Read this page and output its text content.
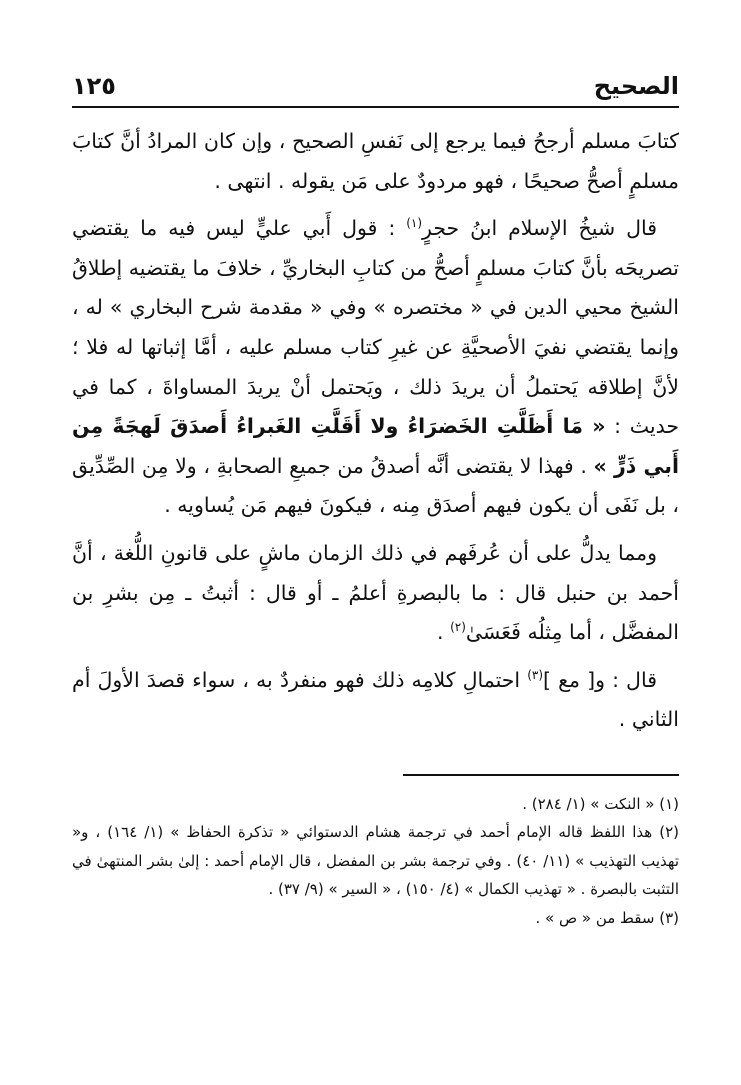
الصحيح
١٢٥

كتابَ مسلم أرجحُ فيما يرجع إلى نَفسِ الصحيح ، وإن كان المرادُ أنَّ كتابَ مسلمٍ أصحُّ صحيحًا ، فهو مردودٌ على مَن يقوله . انتهى .

قال شيخُ الإسلام ابنُ حجرٍ$^{(١)}$ : قول أَبي عليٍّ ليس فيه ما يقتضي تصريحَه بأنَّ كتابَ مسلمٍ أصحُّ من كتابِ البخاريِّ ، خلافَ ما يقتضيه إطلاقُ الشيخ محيي الدين في « مختصره » وفي « مقدمة شرح البخاري » له ، وإنما يقتضي نفيَ الأصحيَّةِ عن غيرِ كتاب مسلم عليه ، أمَّا إثباتها له فلا ؛ لأنَّ إطلاقه يَحتملُ أن يريدَ ذلك ، ويَحتمل أنْ يريدَ المساواةَ ، كما في حديث : « مَا أَظَلَّتِ الخَضرَاءُ ولا أَقَلَّتِ الغَبراءُ أَصدَقَ لَهجَةً مِن أَبي ذَرٍّ » . فهذا لا يقتضى أنَّه أصدقُ من جميعِ الصحابةِ ، ولا مِن الصِّدِّيق ، بل نَفَى أن يكون فيهم أصدَق مِنه ، فيكونَ فيهم مَن يُساويه .

ومما يدلُّ على أن عُرفَهم في ذلك الزمان ماشٍ على قانونِ اللُّغة ، أنَّ أحمد بن حنبل قال : ما بالبصرةِ أعلمُ ـ أو قال : أثبتُ ـ مِن بشرِ بن المفضَّل ، أما مِثلُه فَعَسَىٰ$^{(٢)}$ .

قال : و[ مع ]$^{(٣)}$ احتمالِ كلامِه ذلك فهو منفردٌ به ، سواء قصدَ الأولَ أم الثاني .

(١) « النكت » (١/ ٢٨٤) .

(٢) هذا اللفظ قاله الإمام أحمد في ترجمة هشام الدستوائي « تذكرة الحفاظ » (١/ ١٦٤) ، و« تهذيب التهذيب » (١١/ ٤٠) . وفي ترجمة بشر بن المفضل ، قال الإمام أحمد : إلىٰ بشر المنتهىٰ في التثبت بالبصرة . « تهذيب الكمال » (٤/ ١٥٠) ، « السير » (٩/ ٣٧) .

(٣) سقط من « ص » .
